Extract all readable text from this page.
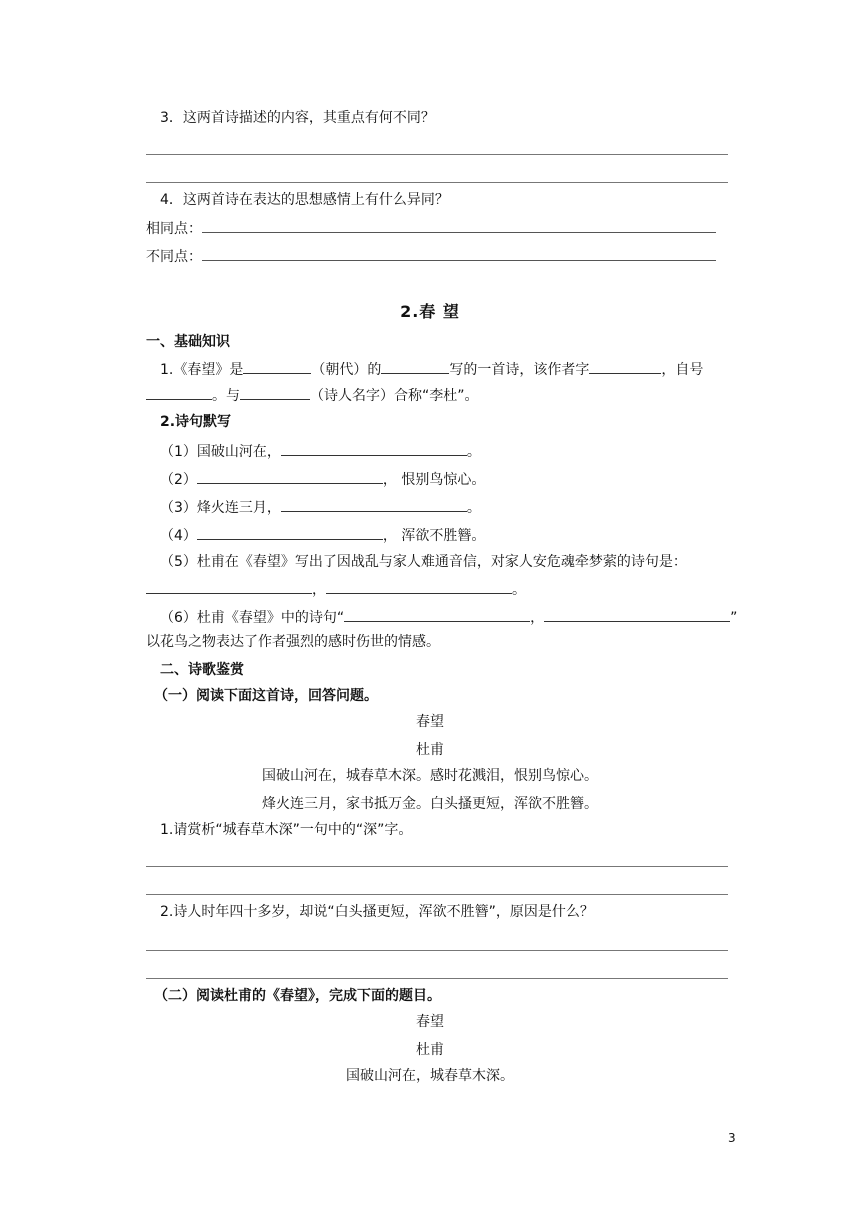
3．这两首诗描述的内容，其重点有何不同？
4．这两首诗在表达的思想感情上有什么异同？
相同点：
不同点：
2.春 望
一、基础知识
1.《春望》是	（朝代）的	写的一首诗，该作者字	，自号
。与	（诗人名字）合称“李杜”。
2.诗句默写
（1）国破山河在，	。
（2）	， 恨别鸟惊心。
（3）烽火连三月，	。
（4）	， 浑欲不胜簪。
（5）杜甫在《春望》写出了因战乱与家人难通音信，对家人安危魂牵梦萦的诗句是：
，	。
（6）杜甫《春望》中的诗句“	，	”
以花鸟之物表达了作者强烈的感时伤世的情感。
二、诗歌鉴赏
（一）阅读下面这首诗，回答问题。
春望
杜甫
国破山河在，城春草木深。感时花溅泪，恨别鸟惊心。
烽火连三月，家书抵万金。白头搔更短，浑欲不胜簪。
1.请赏析“城春草木深”一句中的“深”字。
2.诗人时年四十多岁，却说“白头搔更短，浑欲不胜簪”，原因是什么？
（二）阅读杜甫的《春望》，完成下面的题目。
春望
杜甫
国破山河在，城春草木深。
3
